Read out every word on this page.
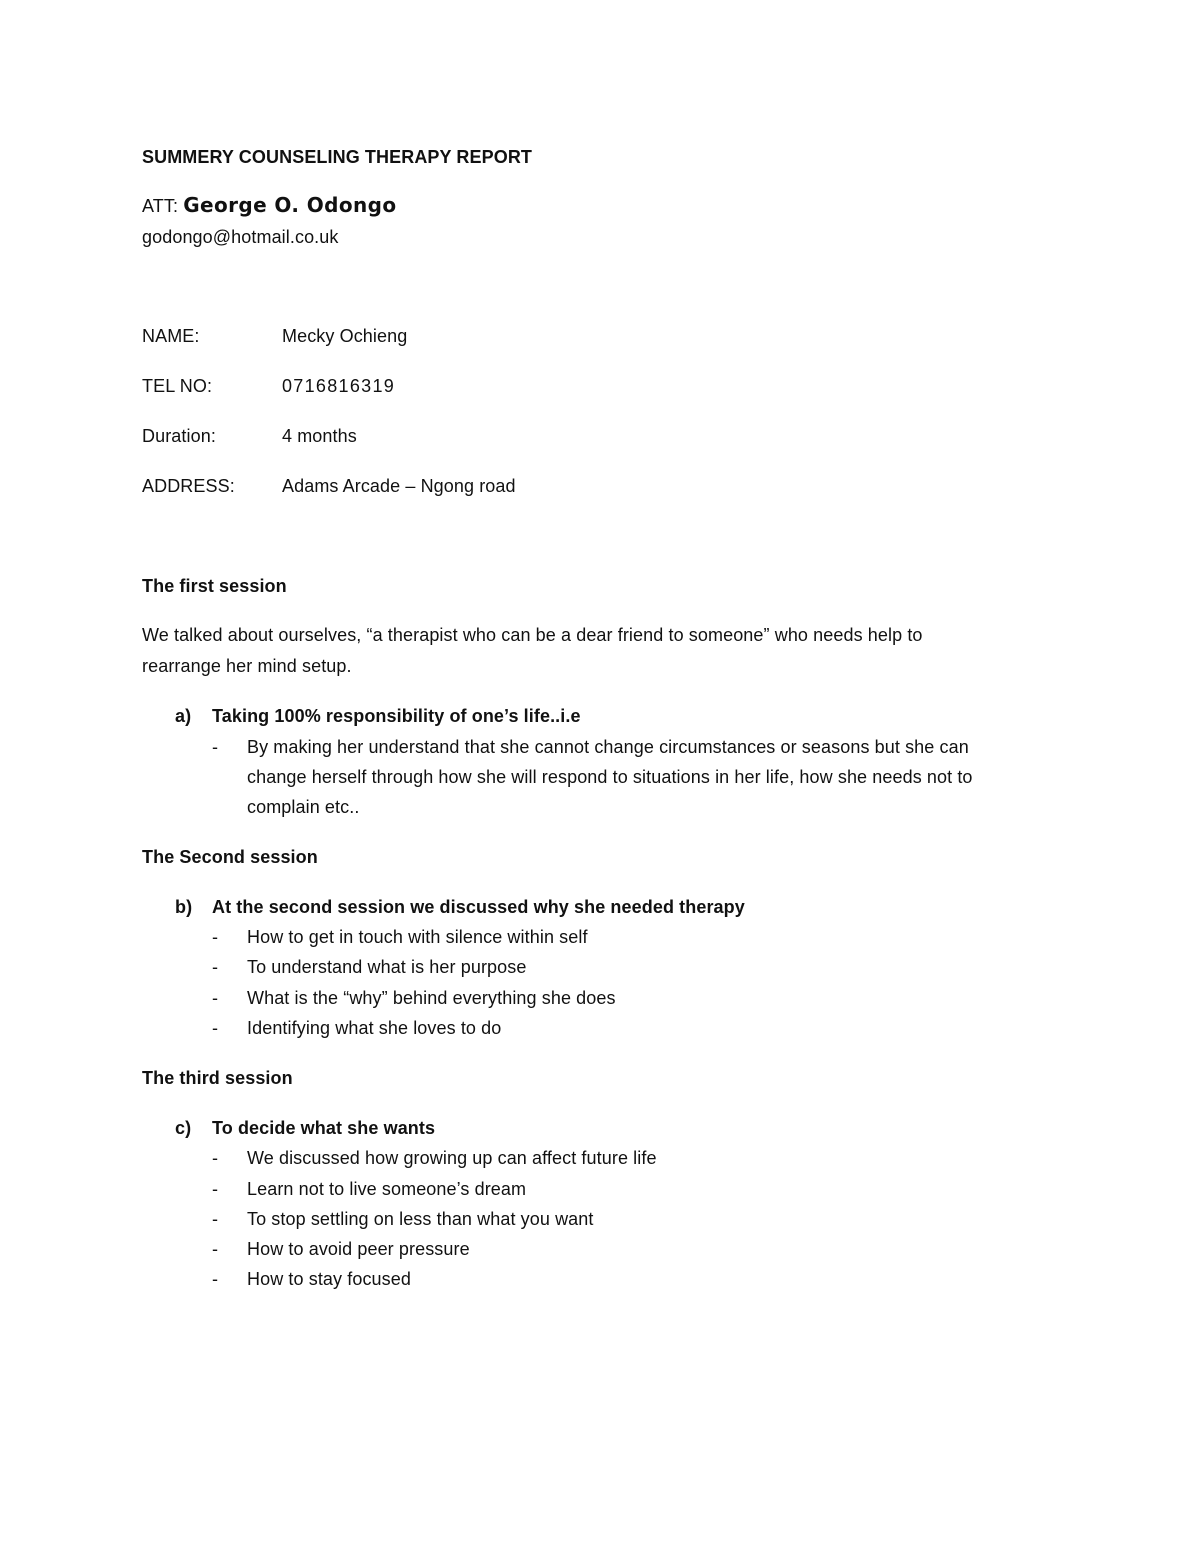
SUMMERY COUNSELING THERAPY REPORT
ATT: George O. Odongo
godongo@hotmail.co.uk
NAME:	Mecky Ochieng
TEL NO:	0716816319
Duration:	4 months
ADDRESS:	Adams Arcade – Ngong road
The first session
We talked about ourselves, “a therapist who can be a dear friend to someone” who needs help to
rearrange her mind setup.
a) Taking 100% responsibility of one’s life..i.e
- By making her understand that she cannot change circumstances or seasons but she can
change herself through how she will respond to situations in her life, how she needs not to
complain etc..
The Second session
b) At the second session we discussed why she needed therapy
- How to get in touch with silence within self
- To understand what is her purpose
- What is the “why” behind everything she does
- Identifying what she loves to do
The third session
c) To decide what she wants
- We discussed how growing up can affect future life
- Learn not to live someone’s dream
- To stop settling on less than what you want
- How to avoid peer pressure
- How to stay focused
